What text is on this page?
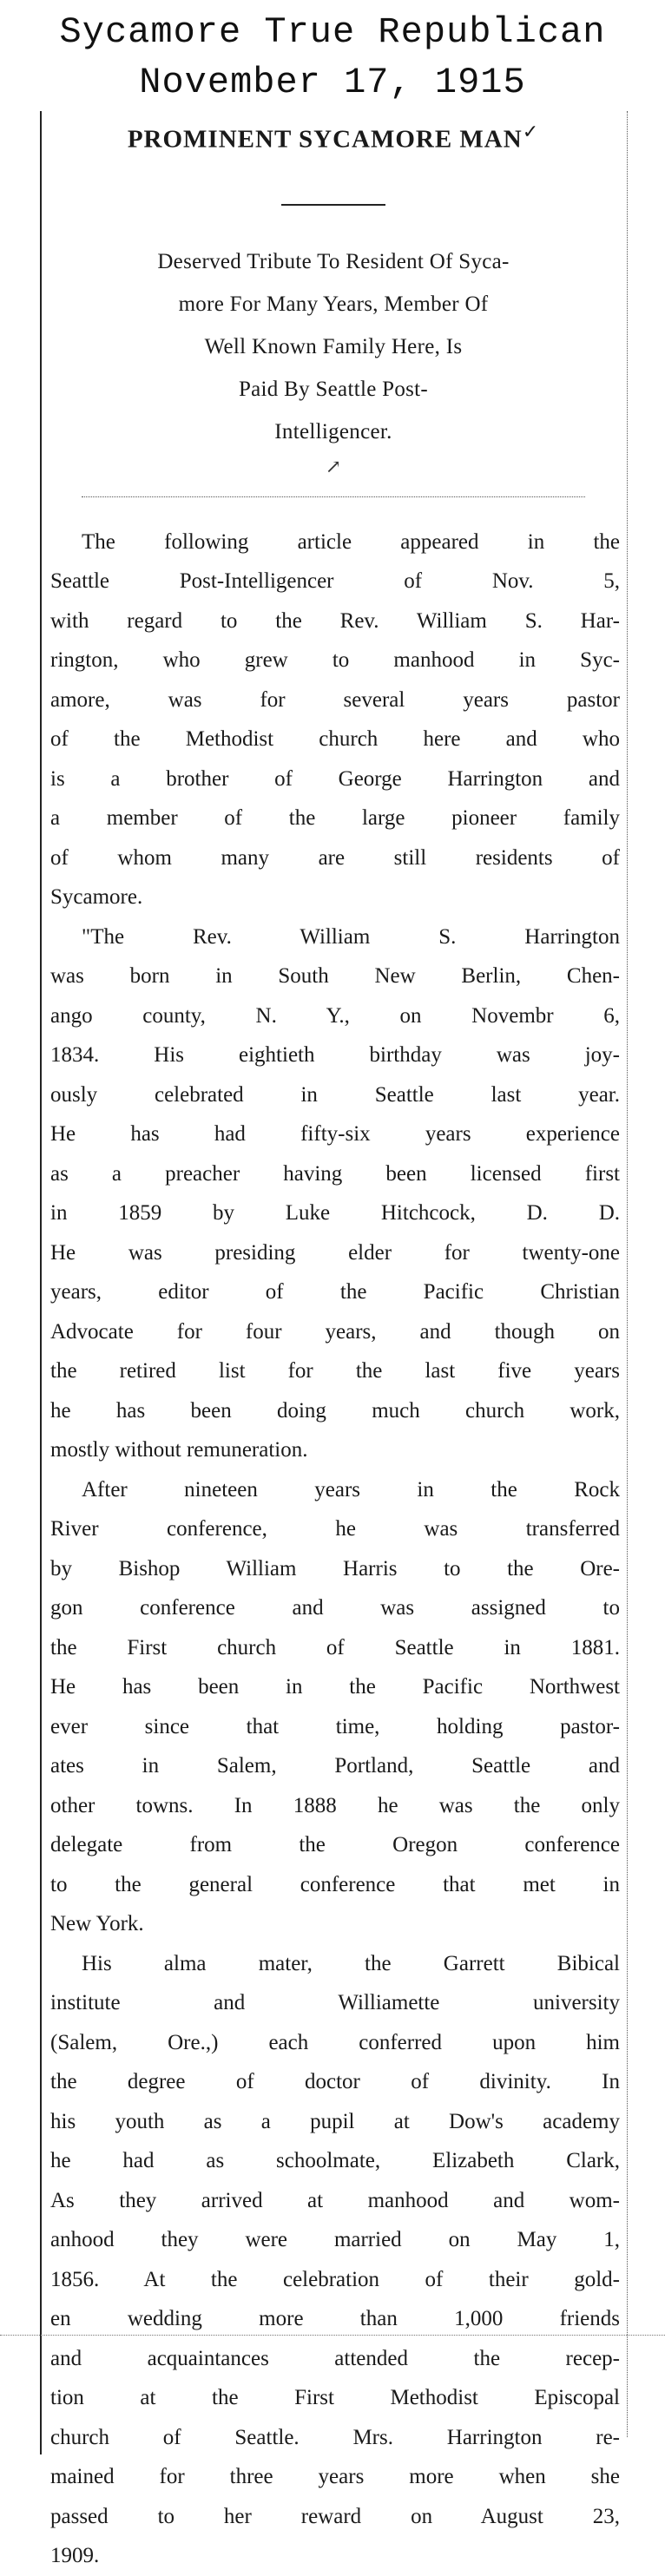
Sycamore True Republican
November 17, 1915
PROMINENT SYCAMORE MAN✓
Deserved Tribute To Resident Of Syca-
more For Many Years, Member Of
Well Known Family Here, Is
Paid By Seattle Post-
Intelligencer.
↗
The following article appeared in the
Seattle Post-Intelligencer of Nov. 5,
with regard to the Rev. William S. Har-
rington, who grew to manhood in Syc-
amore, was for several years pastor
of the Methodist church here and who
is a brother of George Harrington and
a member of the large pioneer family
of whom many are still residents of
Sycamore.
"The Rev. William S. Harrington
was born in South New Berlin, Chen-
ango county, N. Y., on Novembr 6,
1834. His eightieth birthday was joy-
ously celebrated in Seattle last year.
He has had fifty-six years experience
as a preacher having been licensed first
in 1859 by Luke Hitchcock, D. D.
He was presiding elder for twenty-one
years, editor of the Pacific Christian
Advocate for four years, and though on
the retired list for the last five years
he has been doing much church work,
mostly without remuneration.
After nineteen years in the Rock
River conference, he was transferred
by Bishop William Harris to the Ore-
gon conference and was assigned to
the First church of Seattle in 1881.
He has been in the Pacific Northwest
ever since that time, holding pastor-
ates in Salem, Portland, Seattle and
other towns. In 1888 he was the only
delegate from the Oregon conference
to the general conference that met in
New York.
His alma mater, the Garrett Bibical
institute and Williamette university
(Salem, Ore.,) each conferred upon him
the degree of doctor of divinity. In
his youth as a pupil at Dow's academy
he had as schoolmate, Elizabeth Clark,
As they arrived at manhood and wom-
anhood they were married on May 1,
1856. At the celebration of their gold-
en wedding more than 1,000 friends
and acquaintances attended the recep-
tion at the First Methodist Episcopal
church of Seattle. Mrs. Harrington re-
mained for three years more when she
passed to her reward on August 23,
1909.
